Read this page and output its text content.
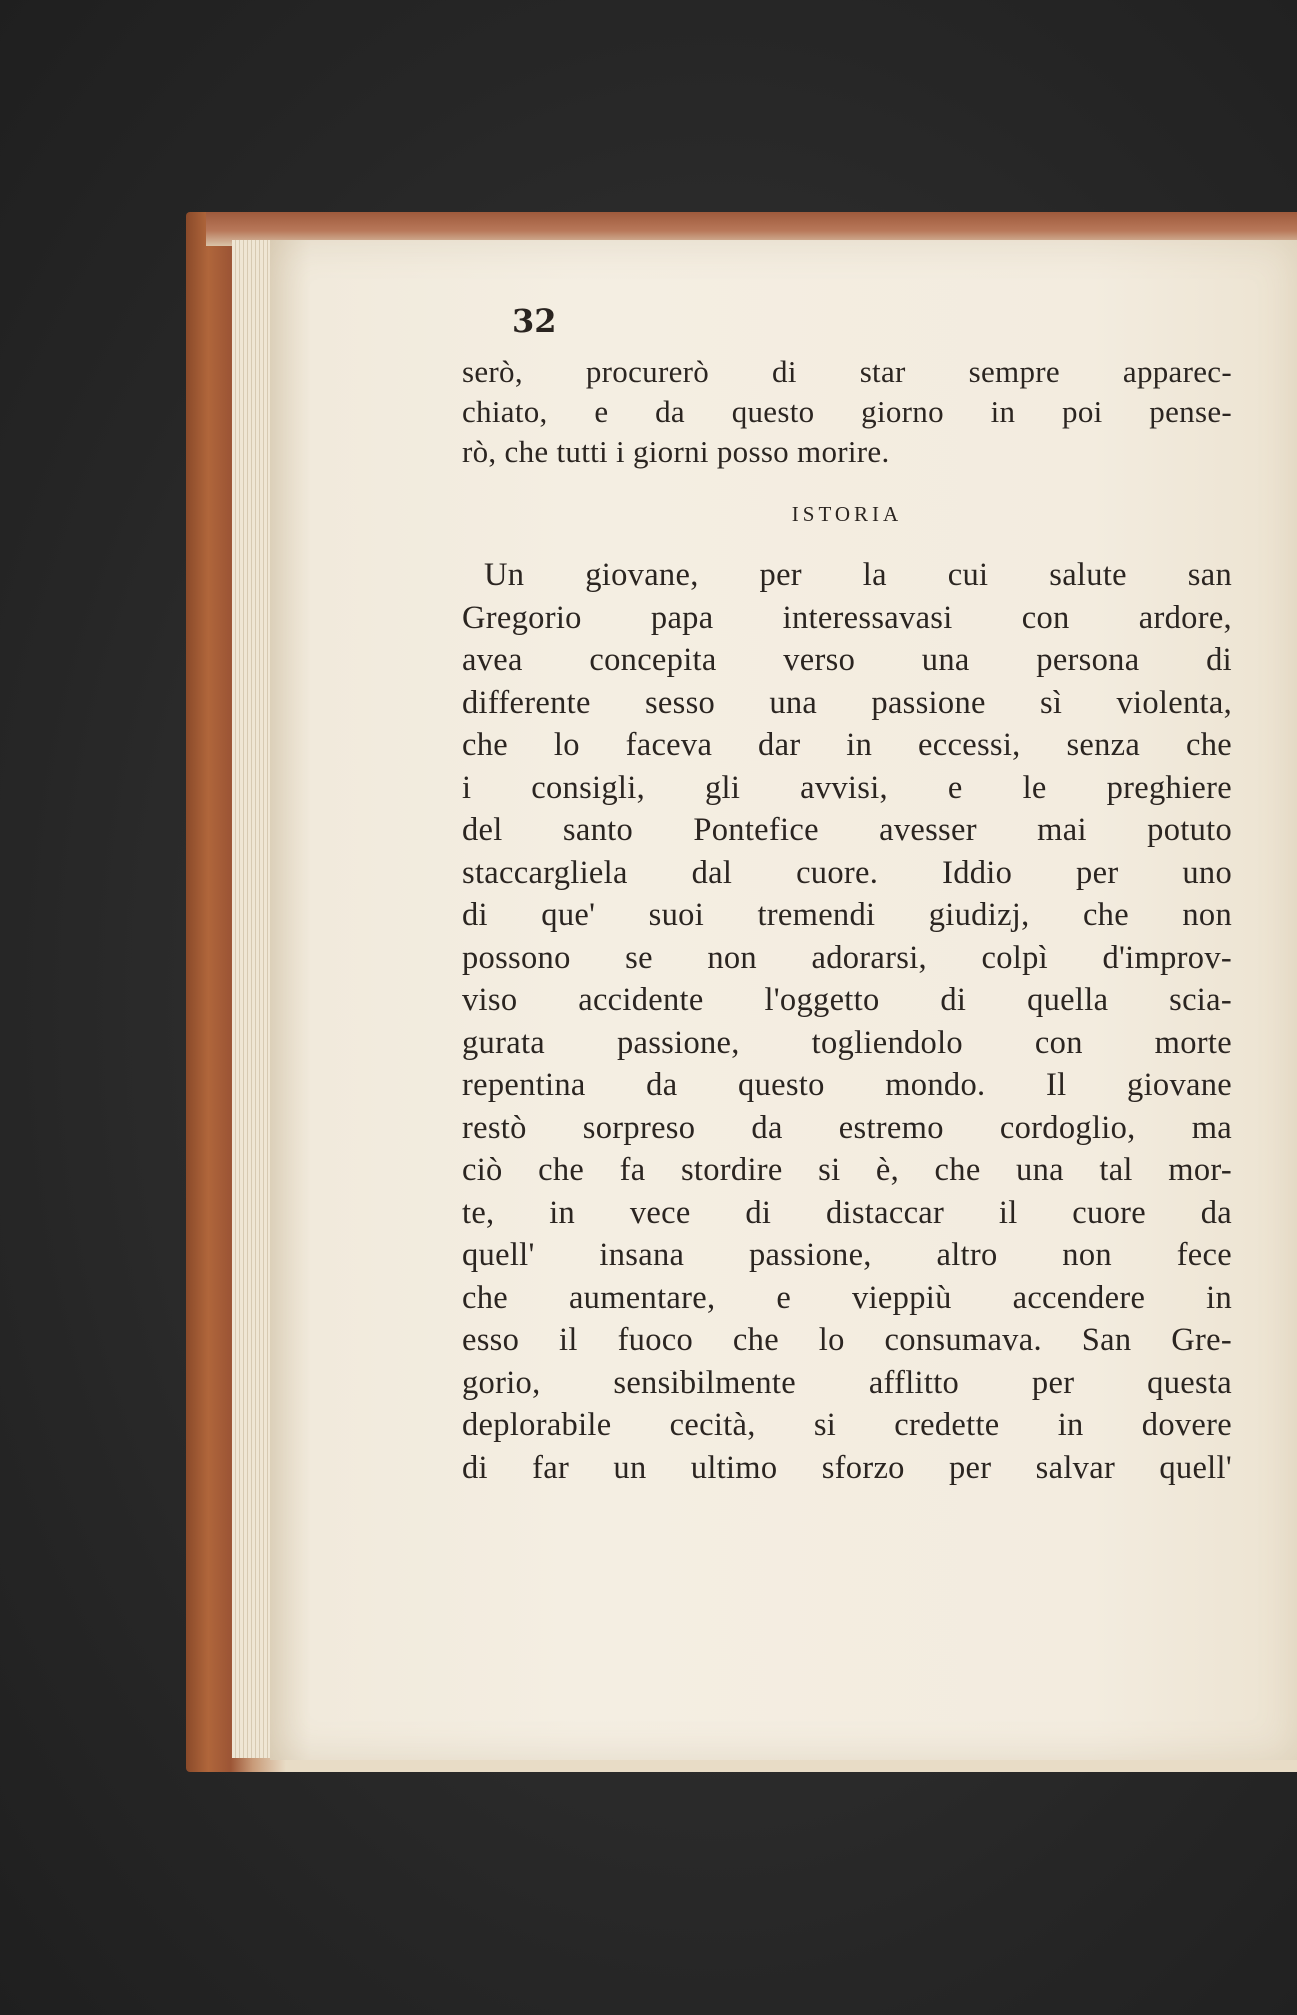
32
serò, procurerò di star sempre apparec-
chiato, e da questo giorno in poi pense-
rò, che tutti i giorni posso morire.
ISTORIA
Un giovane, per la cui salute san
Gregorio papa interessavasi con ardore,
avea concepita verso una persona di
differente sesso una passione sì violenta,
che lo faceva dar in eccessi, senza che
i consigli, gli avvisi, e le preghiere
del santo Pontefice avesser mai potuto
staccargliela dal cuore. Iddio per uno
di que' suoi tremendi giudizj, che non
possono se non adorarsi, colpì d'improv-
viso accidente l'oggetto di quella scia-
gurata passione, togliendolo con morte
repentina da questo mondo. Il giovane
restò sorpreso da estremo cordoglio, ma
ciò che fa stordire si è, che una tal mor-
te, in vece di distaccar il cuore da
quell' insana passione, altro non fece
che aumentare, e vieppiù accendere in
esso il fuoco che lo consumava. San Gre-
gorio, sensibilmente afflitto per questa
deplorabile cecità, si credette in dovere
di far un ultimo sforzo per salvar quell'
